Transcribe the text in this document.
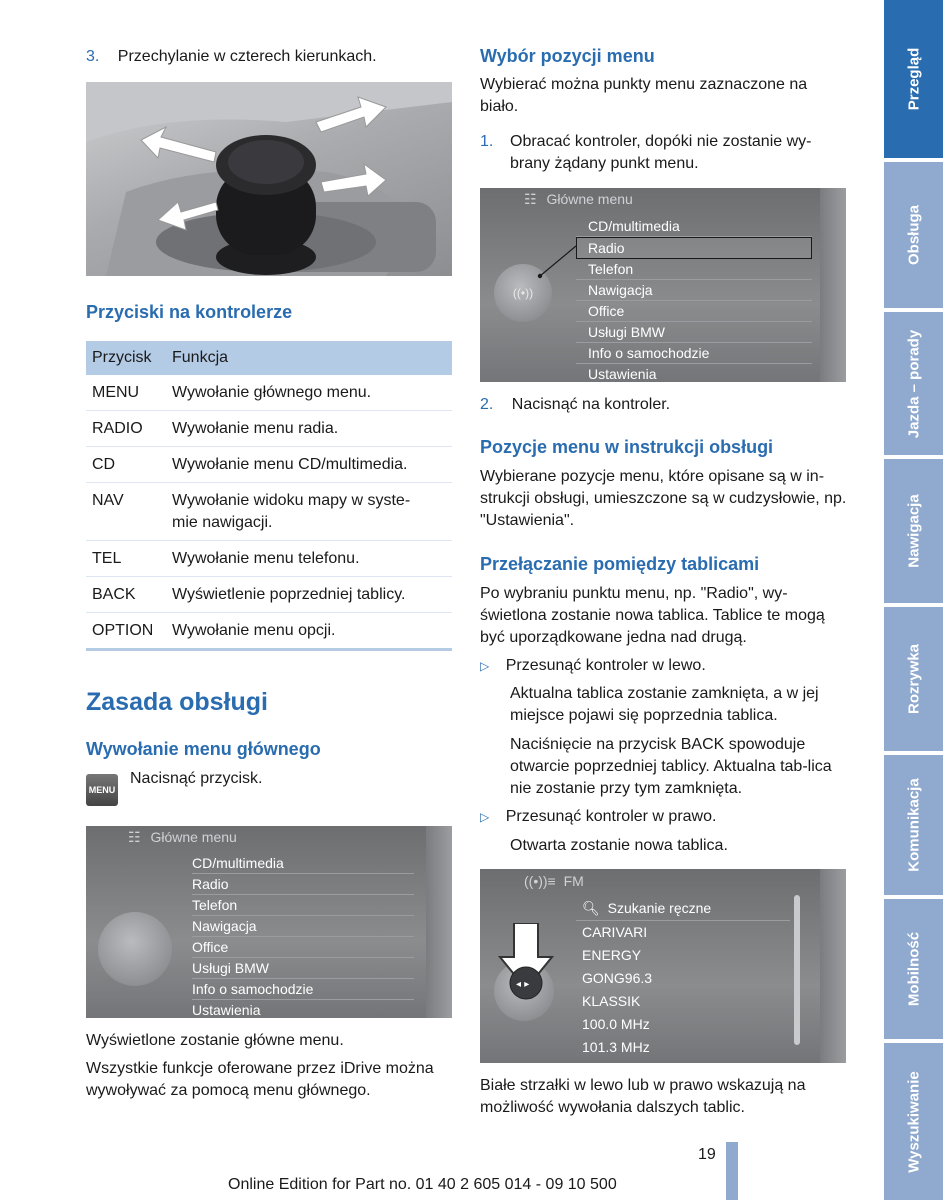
3. Przechylanie w czterech kierunkach.
Przyciski na kontrolerze
Przycisk	Funkcja
MENU	Wywołanie głównego menu.
RADIO	Wywołanie menu radia.
CD	Wywołanie menu CD/multimedia.
NAV	Wywołanie widoku mapy w syste-
mie nawigacji.
TEL	Wywołanie menu telefonu.
BACK	Wyświetlenie poprzedniej tablicy.
OPTION	Wywołanie menu opcji.
Zasada obsługi
Wywołanie menu głównego
MENU
Nacisnąć przycisk.
☷ Główne menu
CD/multimedia
Radio
Telefon
Nawigacja
Office
Usługi BMW
Info o samochodzie
Ustawienia
Wyświetlone zostanie główne menu.
Wszystkie funkcje oferowane przez iDrive można wywoływać za pomocą menu głównego.
Wybór pozycji menu
Wybierać można punkty menu zaznaczone na biało.
1. Obracać kontroler, dopóki nie zostanie wy-brany żądany punkt menu.
☷ Główne menu
((•))
CD/multimedia
Radio
Telefon
Nawigacja
Office
Usługi BMW
Info o samochodzie
Ustawienia
2. Nacisnąć na kontroler.
Pozycje menu w instrukcji obsługi
Wybierane pozycje menu, które opisane są w in-strukcji obsługi, umieszczone są w cudzysłowie, np. "Ustawienia".
Przełączanie pomiędzy tablicami
Po wybraniu punktu menu, np. "Radio", wy-świetlona zostanie nowa tablica. Tablice te mogą być uporządkowane jedna nad drugą.
▷ Przesunąć kontroler w lewo.
Aktualna tablica zostanie zamknięta, a w jej miejsce pojawi się poprzednia tablica.
Naciśnięcie na przycisk BACK spowoduje otwarcie poprzedniej tablicy. Aktualna tab-lica nie zostanie przy tym zamknięta.
▷ Przesunąć kontroler w prawo.
Otwarta zostanie nowa tablica.
((•))≡ FM
◂ ▸
🔍︎ Szukanie ręczne
CARIVARI
ENERGY
GONG96.3
KLASSIK
100.0 MHz
101.3 MHz
Białe strzałki w lewo lub w prawo wskazują na możliwość wywołania dalszych tablic.
19
Online Edition for Part no. 01 40 2 605 014 - 09 10 500
Przegląd
Obsługa
Jazda – porady
Nawigacja
Rozrywka
Komunikacja
Mobilność
Wyszukiwanie
